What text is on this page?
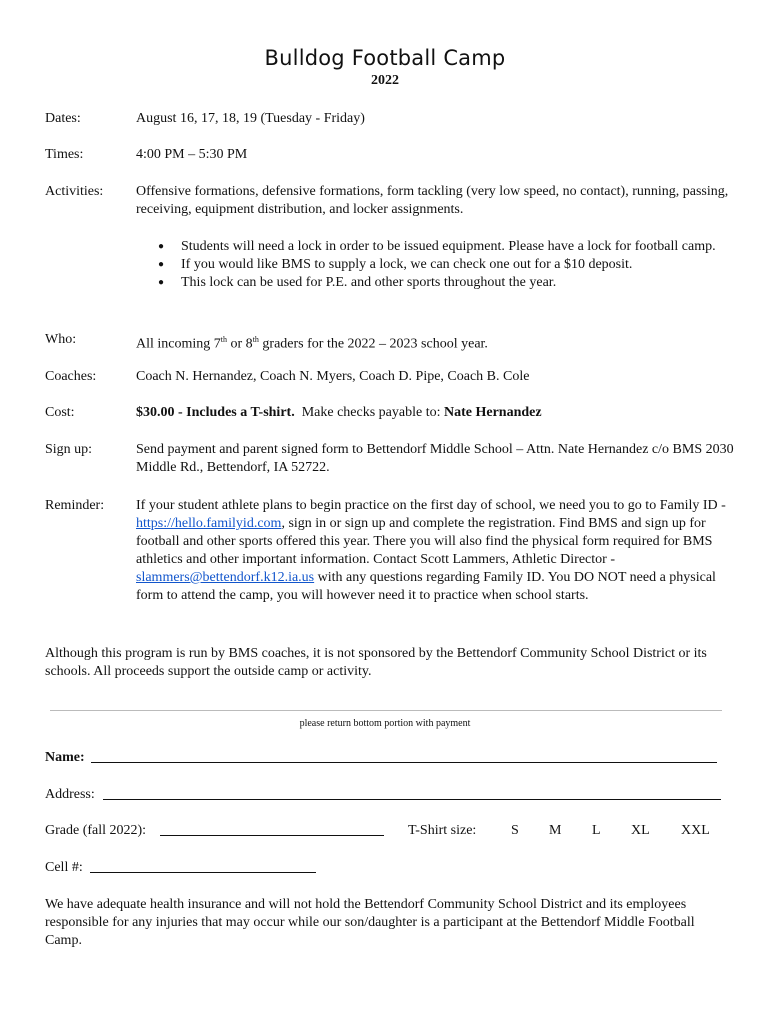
Bulldog Football Camp
2022
Dates:	August 16, 17, 18, 19 (Tuesday - Friday)
Times:	4:00 PM – 5:30 PM
Activities: Offensive formations, defensive formations, form tackling (very low speed, no contact), running, passing, receiving, equipment distribution, and locker assignments.
● Students will need a lock in order to be issued equipment. Please have a lock for football camp.
● If you would like BMS to supply a lock, we can check one out for a $10 deposit.
● This lock can be used for P.E. and other sports throughout the year.
Who:	All incoming 7th or 8th graders for the 2022 – 2023 school year.
Coaches:	Coach N. Hernandez, Coach N. Myers, Coach D. Pipe, Coach B. Cole
Cost:	$30.00 - Includes a T-shirt.  Make checks payable to: Nate Hernandez
Sign up:	Send payment and parent signed form to Bettendorf Middle School – Attn. Nate Hernandez c/o BMS 2030 Middle Rd., Bettendorf, IA 52722.
Reminder: If your student athlete plans to begin practice on the first day of school, we need you to go to Family ID - https://hello.familyid.com, sign in or sign up and complete the registration. Find BMS and sign up for football and other sports offered this year. There you will also find the physical form required for BMS athletics and other important information. Contact Scott Lammers, Athletic Director - slammers@bettendorf.k12.ia.us with any questions regarding Family ID. You DO NOT need a physical form to attend the camp, you will however need it to practice when school starts.
Although this program is run by BMS coaches, it is not sponsored by the Bettendorf Community School District or its schools. All proceeds support the outside camp or activity.
please return bottom portion with payment
Name:
Address:
Grade (fall 2022):	T-Shirt size: S M L XL XXL
Cell #:
We have adequate health insurance and will not hold the Bettendorf Community School District and its employees responsible for any injuries that may occur while our son/daughter is a participant at the Bettendorf Middle Football Camp.
